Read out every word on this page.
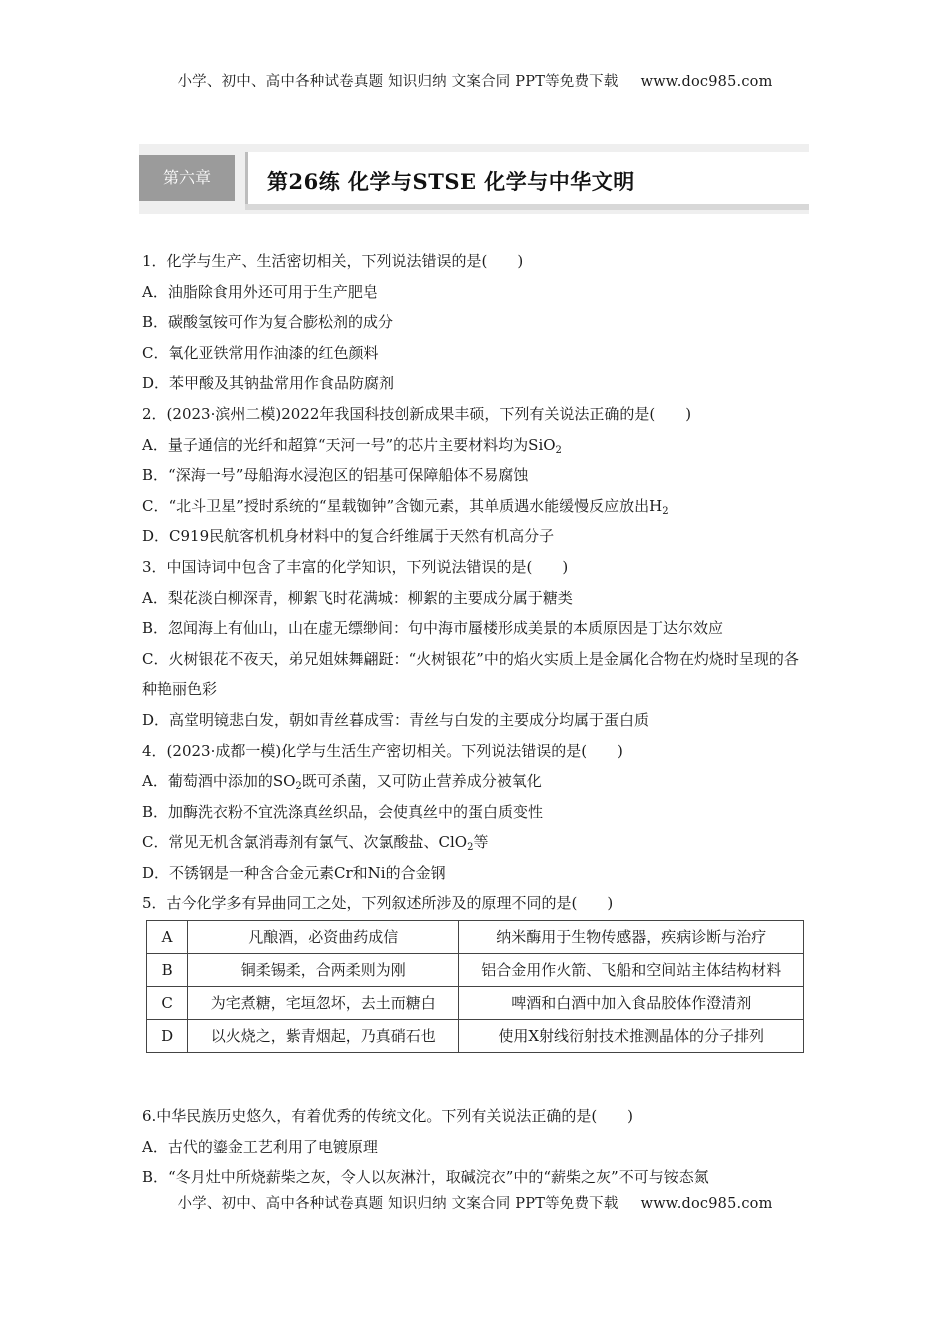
小学、初中、高中各种试卷真题 知识归纳 文案合同 PPT等免费下载 www.doc985.com
第六章	第26练 化学与STSE 化学与中华文明
1．化学与生产、生活密切相关，下列说法错误的是(　　)
A．油脂除食用外还可用于生产肥皂
B．碳酸氢铵可作为复合膨松剂的成分
C．氧化亚铁常用作油漆的红色颜料
D．苯甲酸及其钠盐常用作食品防腐剂
2．(2023·滨州二模)2022年我国科技创新成果丰硕，下列有关说法正确的是(　　)
A．量子通信的光纤和超算“天河一号”的芯片主要材料均为SiO$_2$
B．“深海一号”母船海水浸泡区的铝基可保障船体不易腐蚀
C．“北斗卫星”授时系统的“星载铷钟”含铷元素，其单质遇水能缓慢反应放出$H_2$
D．C919民航客机机身材料中的复合纤维属于天然有机高分子
3．中国诗词中包含了丰富的化学知识，下列说法错误的是(　　)
A．梨花淡白柳深青，柳絮飞时花满城：柳絮的主要成分属于糖类
B．忽闻海上有仙山，山在虚无缥缈间：句中海市蜃楼形成美景的本质原因是丁达尔效应
C．火树银花不夜天，弟兄姐妹舞翩跹：“火树银花”中的焰火实质上是金属化合物在灼烧时呈现的各种艳丽色彩
D．高堂明镜悲白发，朝如青丝暮成雪：青丝与白发的主要成分均属于蛋白质
4．(2023·成都一模)化学与生活生产密切相关。下列说法错误的是(　　)
A．葡萄酒中添加的$SO_2$既可杀菌，又可防止营养成分被氧化
B．加酶洗衣粉不宜洗涤真丝织品，会使真丝中的蛋白质变性
C．常见无机含氯消毒剂有氯气、次氯酸盐、ClO$_2$等
D．不锈钢是一种含合金元素Cr和Ni的合金钢
5．古今化学多有异曲同工之处，下列叙述所涉及的原理不同的是(　　)
A	凡酿酒，必资曲药成信	纳米酶用于生物传感器，疾病诊断与治疗
B	铜柔锡柔，合两柔则为刚	铝合金用作火箭、飞船和空间站主体结构材料
C	为宅煮糖，宅垣忽坏，去土而糖白	啤酒和白酒中加入食品胶体作澄清剂
D	以火烧之，紫青烟起，乃真硝石也	使用X射线衍射技术推测晶体的分子排列
6.中华民族历史悠久，有着优秀的传统文化。下列有关说法正确的是(　　)
A．古代的鎏金工艺利用了电镀原理
B．“冬月灶中所烧薪柴之灰，令人以灰淋汁，取碱浣衣”中的“薪柴之灰”不可与铵态氮
小学、初中、高中各种试卷真题 知识归纳 文案合同 PPT等免费下载 www.doc985.com
